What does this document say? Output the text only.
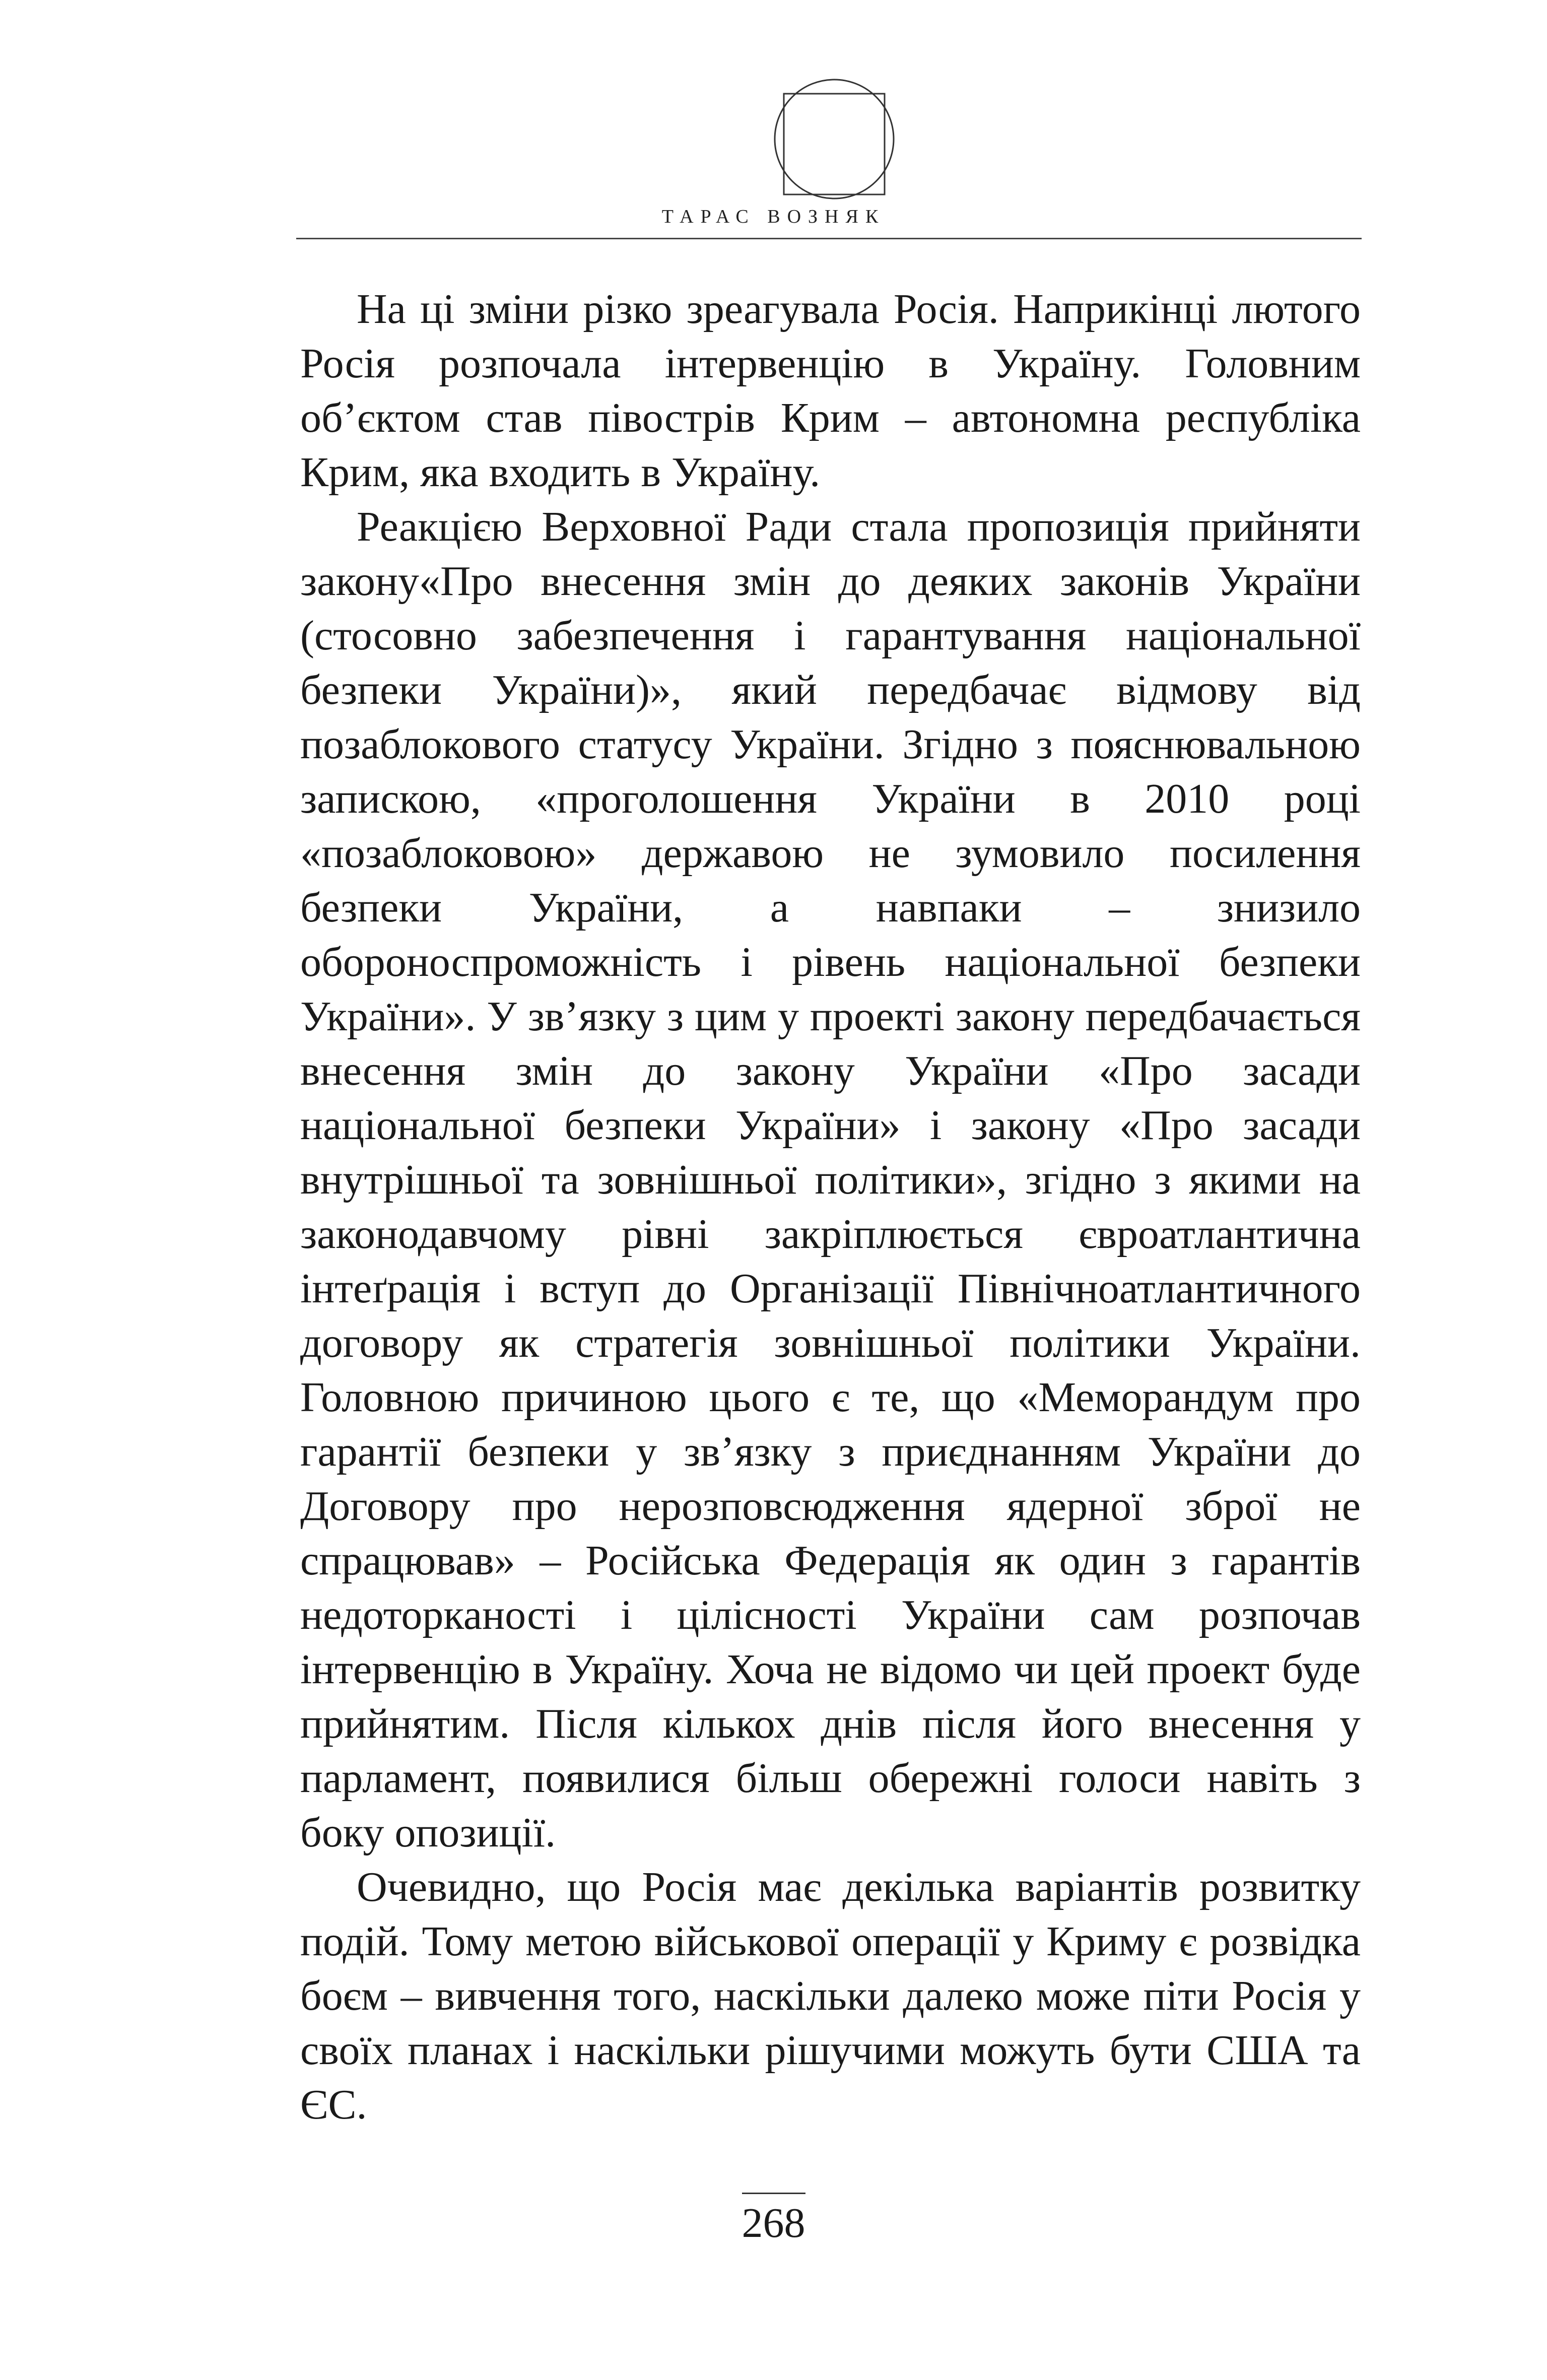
ТАРАС ВОЗНЯК

На ці зміни різко зреагувала Росія. Наприкінці лютого Росія розпочала інтервенцію в Україну. Головним об’єктом став півострів Крим – автономна республіка Крим, яка входить в Україну.

Реакцією Верховної Ради стала пропозиція прийняти закону«Про внесення змін до деяких законів України (стосовно забезпечення і гарантування національної безпеки України)», який передбачає відмову від позаблокового статусу України. Згідно з пояснювальною запискою, «проголошення України в 2010 році «позаблоковою» державою не зумовило посилення безпеки України, а навпаки – знизило обороноспроможність і рівень національної безпеки України». У зв’язку з цим у проекті закону передбачається внесення змін до закону України «Про засади національної безпеки України» і закону «Про засади внутрішньої та зовнішньої політики», згідно з якими на законодавчому рівні закріплюється євроатлантична інтеґрація і вступ до Організації Північноатлантичного договору як стратегія зовнішньої політики України. Головною причиною цього є те, що «Меморандум про гарантії безпеки у зв’язку з приєднанням України до Договору про нерозповсюдження ядерної зброї не спрацював» – Російська Федерація як один з гарантів недоторканості і цілісності України сам розпочав інтервенцію в Україну. Хоча не відомо чи цей проект буде прийнятим. Після кількох днів після його внесення у парламент, появилися більш обережні голоси навіть з боку опозиції.

Очевидно, що Росія має декілька варіантів розвитку подій. Тому метою військової операції у Криму є розвідка боєм – вивчення того, наскільки далеко може піти Росія у своїх планах і наскільки рішучими можуть бути США та ЄС.

268
